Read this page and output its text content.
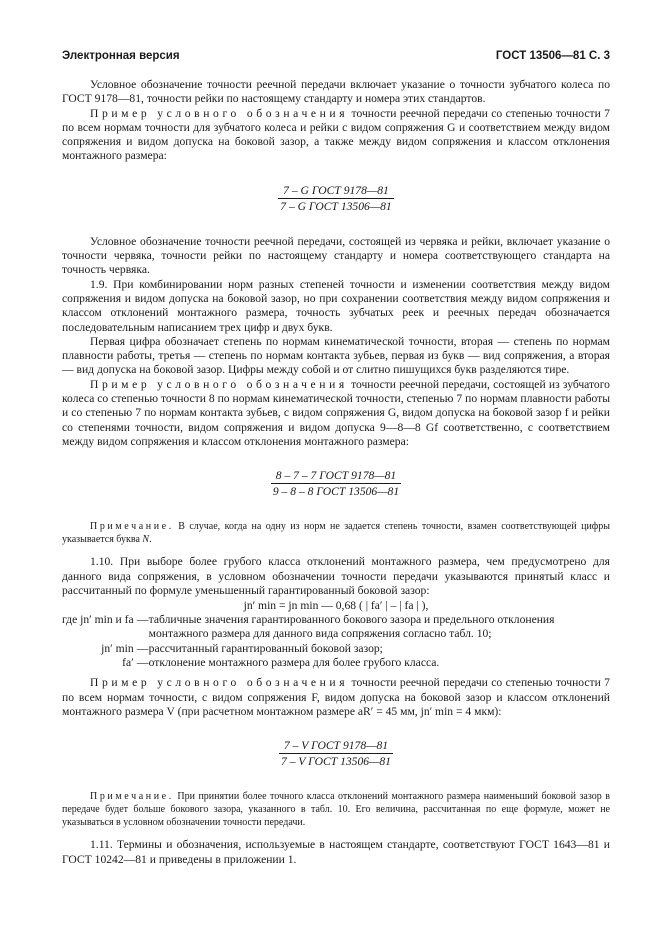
Электронная версия	ГОСТ 13506—81 С. 3

Условное обозначение точности реечной передачи включает указание о точности зубчатого колеса по ГОСТ 9178—81, точности рейки по настоящему стандарту и номера этих стандартов.

Пример условного обозначения точности реечной передачи со степенью точности 7 по всем нормам точности для зубчатого колеса и рейки с видом сопряжения G и соответствием между видом сопряжения и видом допуска на боковой зазор, а также между видом сопряжения и классом отклонения монтажного размера:

$\frac{\text{7 – G ГОСТ 9178—81}}{\text{7 – G ГОСТ 13506—81}}$

Условное обозначение точности реечной передачи, состоящей из червяка и рейки, включает указание о точности червяка, точности рейки по настоящему стандарту и номера соответствующего стандарта на точность червяка.

1.9. При комбинировании норм разных степеней точности и изменении соответствия между видом сопряжения и видом допуска на боковой зазор, но при сохранении соответствия между видом сопряжения и классом отклонений монтажного размера, точность зубчатых реек и реечных передач обозначается последовательным написанием трех цифр и двух букв.

Первая цифра обозначает степень по нормам кинематической точности, вторая — степень по нормам плавности работы, третья — степень по нормам контакта зубьев, первая из букв — вид сопряжения, а вторая — вид допуска на боковой зазор. Цифры между собой и от слитно пишущихся букв разделяются тире.

Пример условного обозначения точности реечной передачи, состоящей из зубчатого колеса со степенью точности 8 по нормам кинематической точности, степенью 7 по нормам плавности работы и со степенью 7 по нормам контакта зубьев, с видом сопряжения G, видом допуска на боковой зазор f и рейки со степенями точности, видом сопряжения и видом допуска 9—8—8 Gf соответственно, с соответствием между видом сопряжения и классом отклонения монтажного размера:

$\frac{\text{8 – 7 – 7 ГОСТ 9178—81}}{\text{9 – 8 – 8 ГОСТ 13506—81}}$

Примечание. В случае, когда на одну из норм не задается степень точности, взамен соответствующей цифры указывается буква N.

1.10. При выборе более грубого класса отклонений монтажного размера, чем предусмотрено для данного вида сопряжения, в условном обозначении точности передачи указываются принятый класс и рассчитанный по формуле уменьшенный гарантированный боковой зазор:

jn′ min = jn min — 0,68 ( | fa′ | – | fa | ),
где jn′ min и fa	—	табличные значения гарантированного бокового зазора и предельного отклонения монтажного размера для данного вида сопряжения согласно табл. 10;
jn′ min	—	рассчитанный гарантированный боковой зазор;
fa′	—	отклонение монтажного размера для более грубого класса.

Пример условного обозначения точности реечной передачи со степенью точности 7 по всем нормам точности, с видом сопряжения F, видом допуска на боковой зазор и классом отклонений монтажного размера V (при расчетном монтажном размере aR′ = 45 мм, jn′ min = 4 мкм):

$\frac{\text{7 – V ГОСТ 9178—81}}{\text{7 – V ГОСТ 13506—81}}$

Примечание. При принятии более точного класса отклонений монтажного размера наименьший боковой зазор в передаче будет больше бокового зазора, указанного в табл. 10. Его величина, рассчитанная по еще формуле, может не указываться в условном обозначении точности передачи.

1.11. Термины и обозначения, используемые в настоящем стандарте, соответствуют ГОСТ 1643—81 и ГОСТ 10242—81 и приведены в приложении 1.
